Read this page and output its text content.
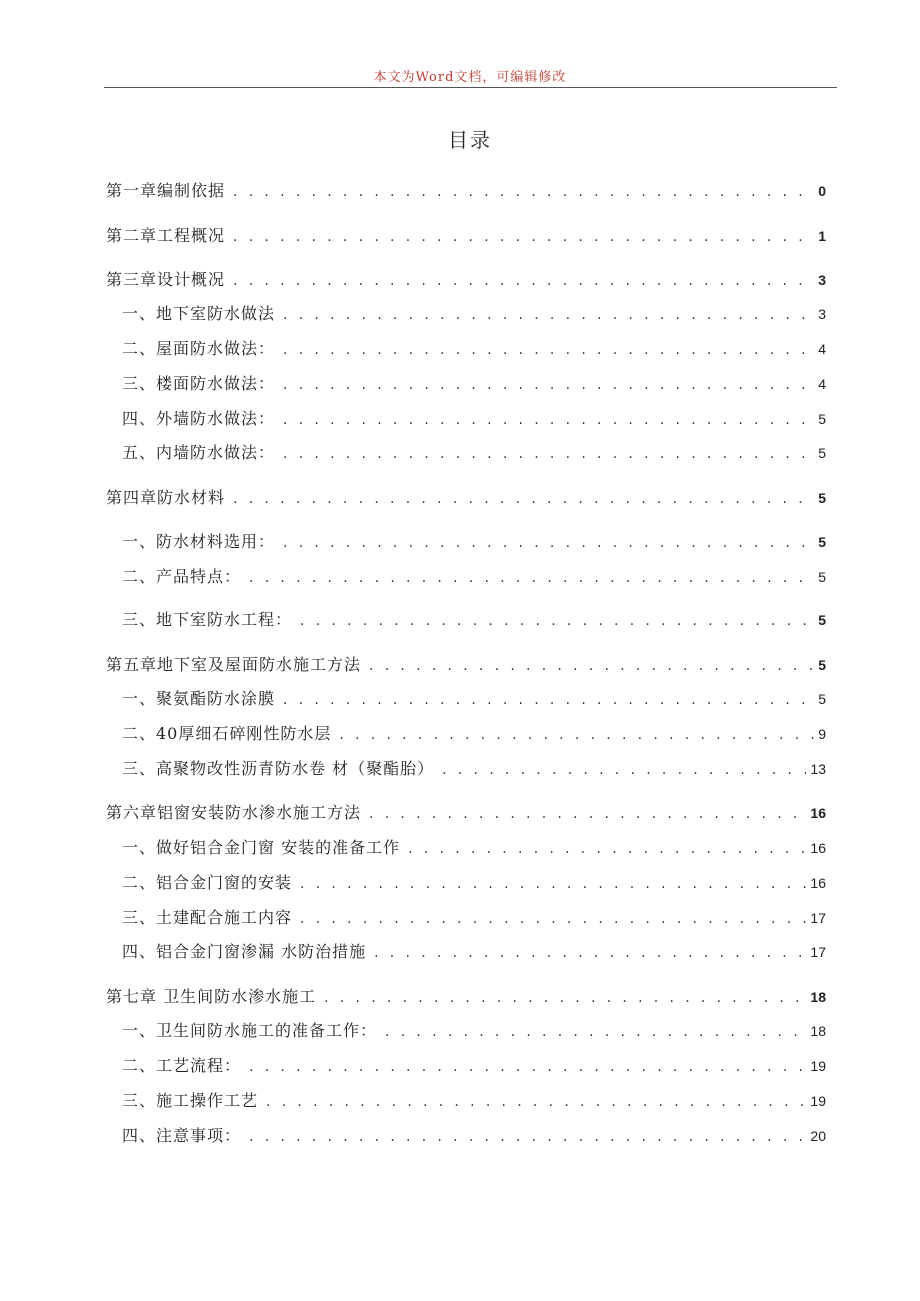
本文为Word文档，可编辑修改
目录
第一章编制依据 . . .	0
第二章工程概况 . . .	1
第三章设计概况 . . .	3
一、地下室防水做法 . . .	3
二、屋面防水做法： . . .	4
三、楼面防水做法： . . .	4
四、外墙防水做法： . . .	5
五、内墙防水做法： . . .	5
第四章防水材料 . . .	5
一、防水材料选用： . . .	5
二、产品特点： . . .	5
三、地下室防水工程： . . .	5
第五章地下室及屋面防水施工方法 . . .	5
一、聚氨酯防水涂膜 . . .	5
二、40厚细石碎刚性防水层 . . .	9
三、高聚物改性沥青防水卷 材（聚酯胎） . . .	13
第六章铝窗安装防水渗水施工方法 . . .	16
一、做好铝合金门窗 安装的准备工作 . . .	16
二、铝合金门窗的安装 . . .	16
三、土建配合施工内容 . . .	17
四、铝合金门窗渗漏 水防治措施 . . .	17
第七章 卫生间防水渗水施工 . . .	18
一、卫生间防水施工的准备工作： . . .	18
二、工艺流程： . . .	19
三、施工操作工艺 . . .	19
四、注意事项： . . .	20
